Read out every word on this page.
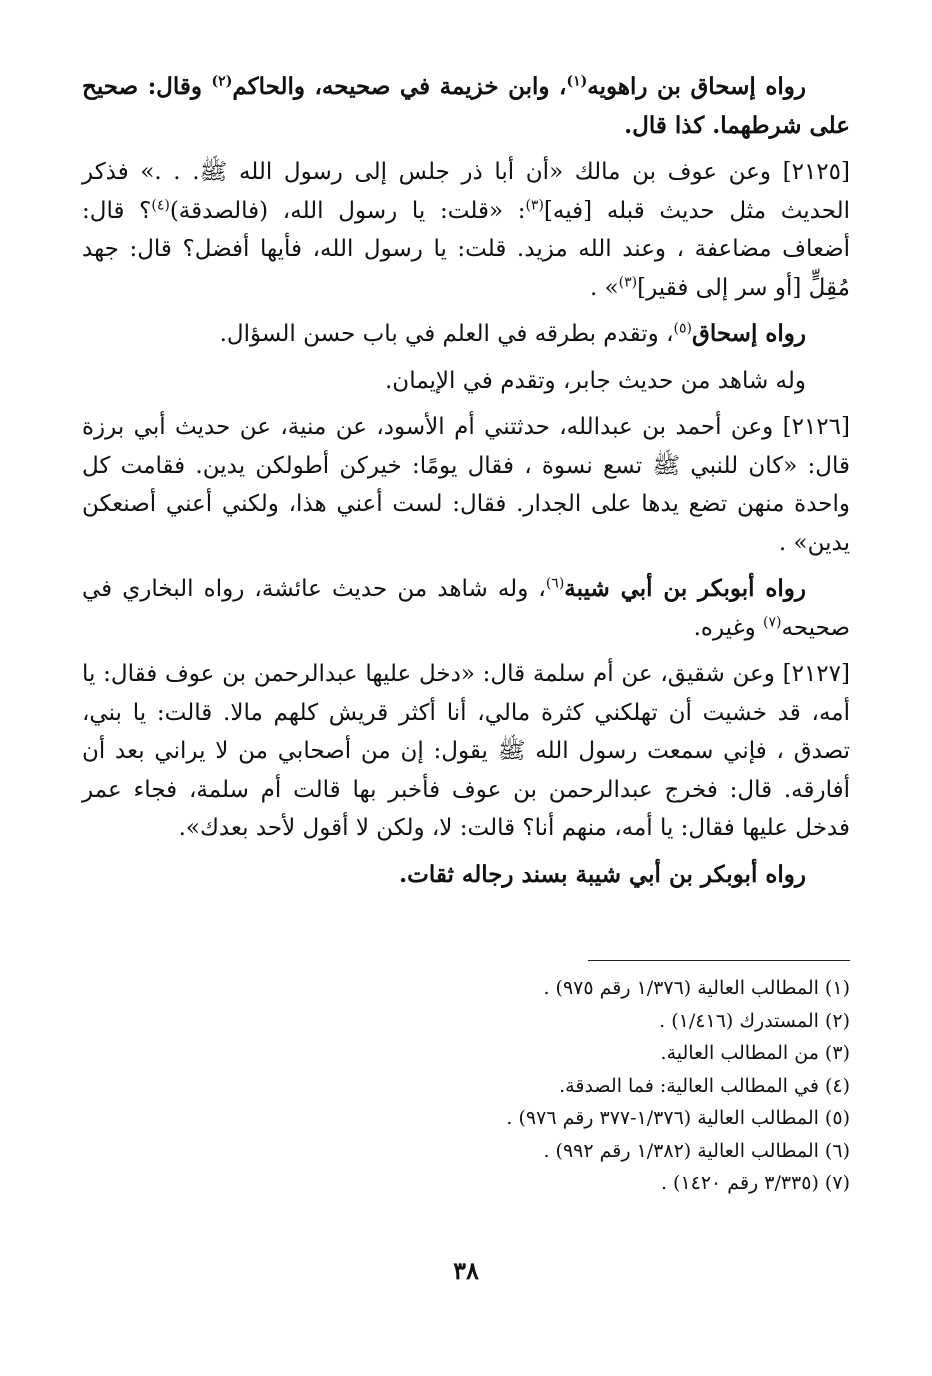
رواه إسحاق بن راهويه$^{(١)}$، وابن خزيمة في صحيحه، والحاكم$^{(٢)}$ وقال: صحيح على شرطهما. كذا قال.

[٢١٢٥] وعن عوف بن مالك «أن أبا ذر جلس إلى رسول الله ﷺ. . .» فذكر الحديث مثل حديث قبله [فيه]$^{(٣)}$: «قلت: يا رسول الله، (فالصدقة)$^{(٤)}$؟ قال: أضعاف مضاعفة ، وعند الله مزيد. قلت: يا رسول الله، فأيها أفضل؟ قال: جهد مُقِلٍّ [أو سر إلى فقير]$^{(٣)}$» .

رواه إسحاق$^{(٥)}$، وتقدم بطرقه في العلم في باب حسن السؤال.

وله شاهد من حديث جابر، وتقدم في الإيمان.

[٢١٢٦] وعن أحمد بن عبدالله، حدثتني أم الأسود، عن منية، عن حديث أبي برزة قال: «كان للنبي ﷺ تسع نسوة ، فقال يومًا: خيركن أطولكن يدين. فقامت كل واحدة منهن تضع يدها على الجدار. فقال: لست أعني هذا، ولكني أعني أصنعكن يدين» .

رواه أبوبكر بن أبي شيبة$^{(٦)}$، وله شاهد من حديث عائشة، رواه البخاري في صحيحه$^{(٧)}$ وغيره.

[٢١٢٧] وعن شقيق، عن أم سلمة قال: «دخل عليها عبدالرحمن بن عوف فقال: يا أمه، قد خشيت أن تهلكني كثرة مالي، أنا أكثر قريش كلهم مالا. قالت: يا بني، تصدق ، فإني سمعت رسول الله ﷺ يقول: إن من أصحابي من لا يراني بعد أن أفارقه. قال: فخرج عبدالرحمن بن عوف فأخبر بها قالت أم سلمة، فجاء عمر فدخل عليها فقال: يا أمه، منهم أنا؟ قالت: لا، ولكن لا أقول لأحد بعدك».

رواه أبوبكر بن أبي شيبة بسند رجاله ثقات.

(١) المطالب العالية (١/٣٧٦ رقم ٩٧٥) .

(٢) المستدرك (١/٤١٦) .

(٣) من المطالب العالية.

(٤) في المطالب العالية: فما الصدقة.

(٥) المطالب العالية (١/٣٧٦-٣٧٧ رقم ٩٧٦) .

(٦) المطالب العالية (١/٣٨٢ رقم ٩٩٢) .

(٧) (٣/٣٣٥ رقم ١٤٢٠) .

٣٨
